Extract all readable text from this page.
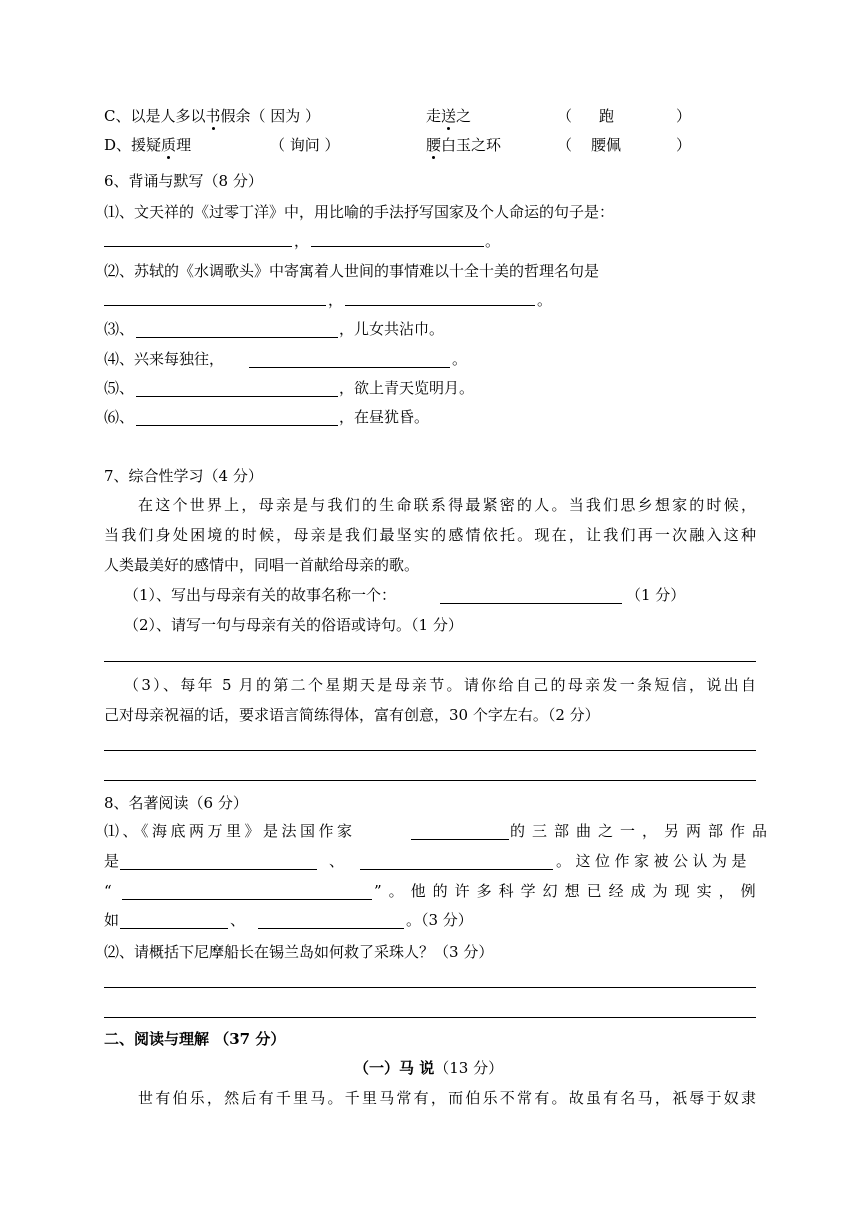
C、以是人多以书假余（ 因为 ）	走送之	（ 跑	）
D、援疑质理	（ 询问 ）	腰白玉之环	（ 腰佩	）
6、背诵与默写（8 分）
⑴、文天祥的《过零丁洋》中，用比喻的手法抒写国家及个人命运的句子是：
，	。
⑵、苏轼的《水调歌头》中寄寓着人世间的事情难以十全十美的哲理名句是
，	。
⑶、	，儿女共沾巾。
⑷、兴来每独往，	。
⑸、	，欲上青天览明月。
⑹、	，在昼犹昏。
7、综合性学习（4 分）
在这个世界上，母亲是与我们的生命联系得最紧密的人。当我们思乡想家的时候，
当我们身处困境的时候，母亲是我们最坚实的感情依托。现在，让我们再一次融入这种
人类最美好的感情中，同唱一首献给母亲的歌。
（1）、写出与母亲有关的故事名称一个：	（1 分）
（2）、请写一句与母亲有关的俗语或诗句。（1 分）
（3）、每年 5 月的第二个星期天是母亲节。请你给自己的母亲发一条短信，说出自
己对母亲祝福的话，要求语言简练得体，富有创意，30 个字左右。（2 分）
8、名著阅读（6 分）
⑴、《海底两万里》是法国作家	的三部曲之一，另两部作品
是	、	。这位作家被公认为是
“	”。他的许多科学幻想已经成为现实，例
如	、	。（3 分）
⑵、请概括下尼摩船长在锡兰岛如何救了采珠人？（3 分）
二、阅读与理解 （37 分）
（一）马 说（13 分）
世有伯乐，然后有千里马。千里马常有，而伯乐不常有。故虽有名马，祇辱于奴隶
